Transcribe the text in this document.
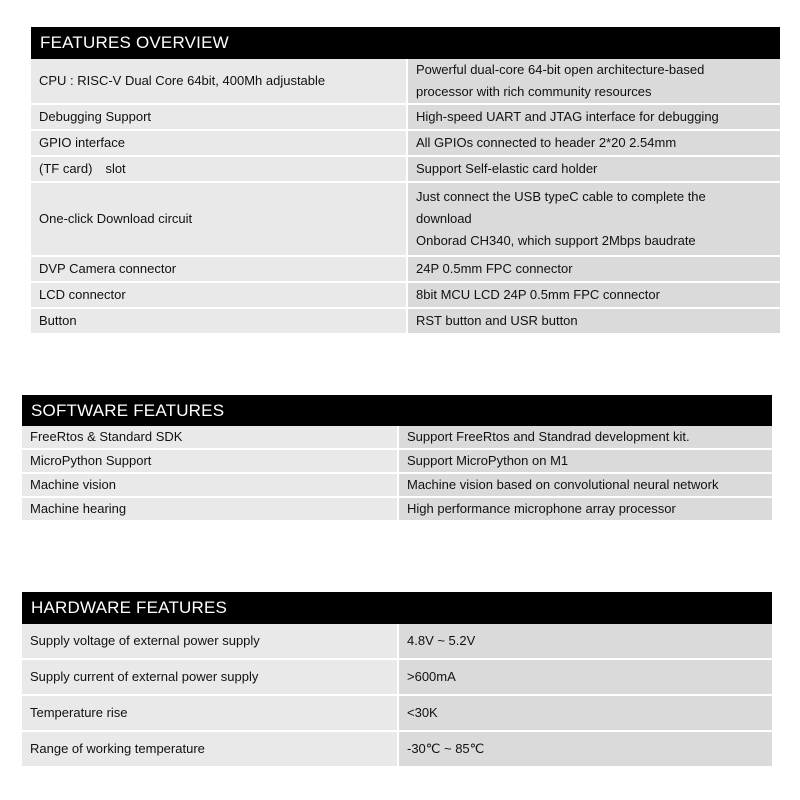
FEATURES OVERVIEW
CPU : RISC-V Dual Core 64bit, 400Mh adjustable	Powerful dual-core 64-bit open architecture-based
processor with rich community resources

Debugging Support	High-speed UART and JTAG interface for debugging
GPIO interface	All GPIOs connected to header 2*20 2.54mm
(TF card)　slot	Support Self-elastic card holder
One-click Download circuit	Just connect the USB typeC cable to complete the
download
Onborad CH340, which support 2Mbps baudrate

DVP Camera connector	24P 0.5mm FPC connector
LCD connector	8bit MCU LCD 24P 0.5mm FPC connector
Button	RST button and USR button
SOFTWARE FEATURES
FreeRtos & Standard SDK	Support FreeRtos and Standrad development kit.
MicroPython Support	Support MicroPython on M1
Machine vision	Machine vision based on convolutional neural network
Machine hearing	High performance microphone array processor
HARDWARE FEATURES
Supply voltage of external power supply	4.8V ~ 5.2V
Supply current of external power supply	>600mA
Temperature rise	<30K
Range of working temperature	-30℃ ~ 85℃
